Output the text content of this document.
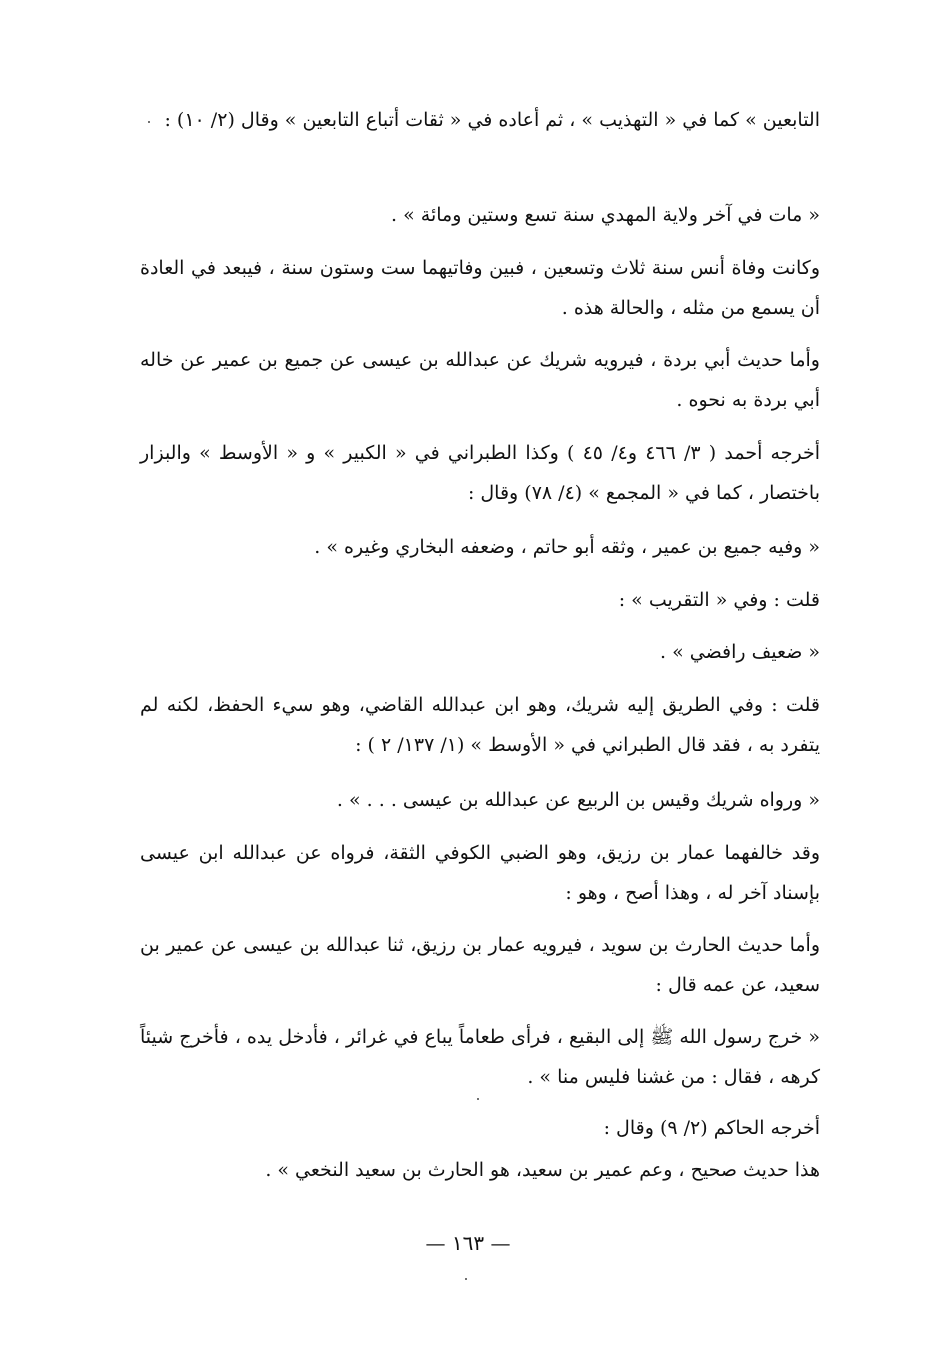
التابعين » كما في « التهذيب » ، ثم أعاده في « ثقات أتباع التابعين » وقال (٢/ ١٠) :
« مات في آخر ولاية المهدي سنة تسع وستين ومائة » .
وكانت وفاة أنس سنة ثلاث وتسعين ، فبين وفاتيهما ست وستون سنة ، فيبعد في العادة أن يسمع من مثله ، والحالة هذه .
وأما حديث أبي بردة ، فيرويه شريك عن عبدالله بن عيسى عن جميع بن عمير عن خاله أبي بردة به نحوه .
أخرجه أحمد ( ٣/ ٤٦٦ و٤/ ٤٥ ) وكذا الطبراني في « الكبير » و « الأوسط » والبزار باختصار ، كما في « المجمع » (٤/ ٧٨) وقال :
« وفيه جميع بن عمير ، وثقه أبو حاتم ، وضعفه البخاري وغيره » .
قلت : وفي « التقريب » :
« ضعيف رافضي » .
قلت : وفي الطريق إليه شريك، وهو ابن عبدالله القاضي، وهو سيء الحفظ، لكنه لم يتفرد به ، فقد قال الطبراني في « الأوسط » (١/ ١٣٧/ ٢ ) :
« ورواه شريك وقيس بن الربيع عن عبدالله بن عيسى . . . » .
وقد خالفهما عمار بن رزيق، وهو الضبي الكوفي الثقة، فرواه عن عبدالله ابن عيسى بإسناد آخر له ، وهذا أصح ، وهو :
وأما حديث الحارث بن سويد ، فيرويه عمار بن رزيق، ثنا عبدالله بن عيسى عن عمير بن سعيد، عن عمه قال :
« خرج رسول الله ﷺ إلى البقيع ، فرأى طعاماً يباع في غرائر ، فأدخل يده ، فأخرج شيئاً كرهه ، فقال : من غشنا فليس منا » .
أخرجه الحاكم (٢/ ٩) وقال :
هذا حديث صحيح ، وعم عمير بن سعيد، هو الحارث بن سعيد النخعي » .
— ١٦٣ —
